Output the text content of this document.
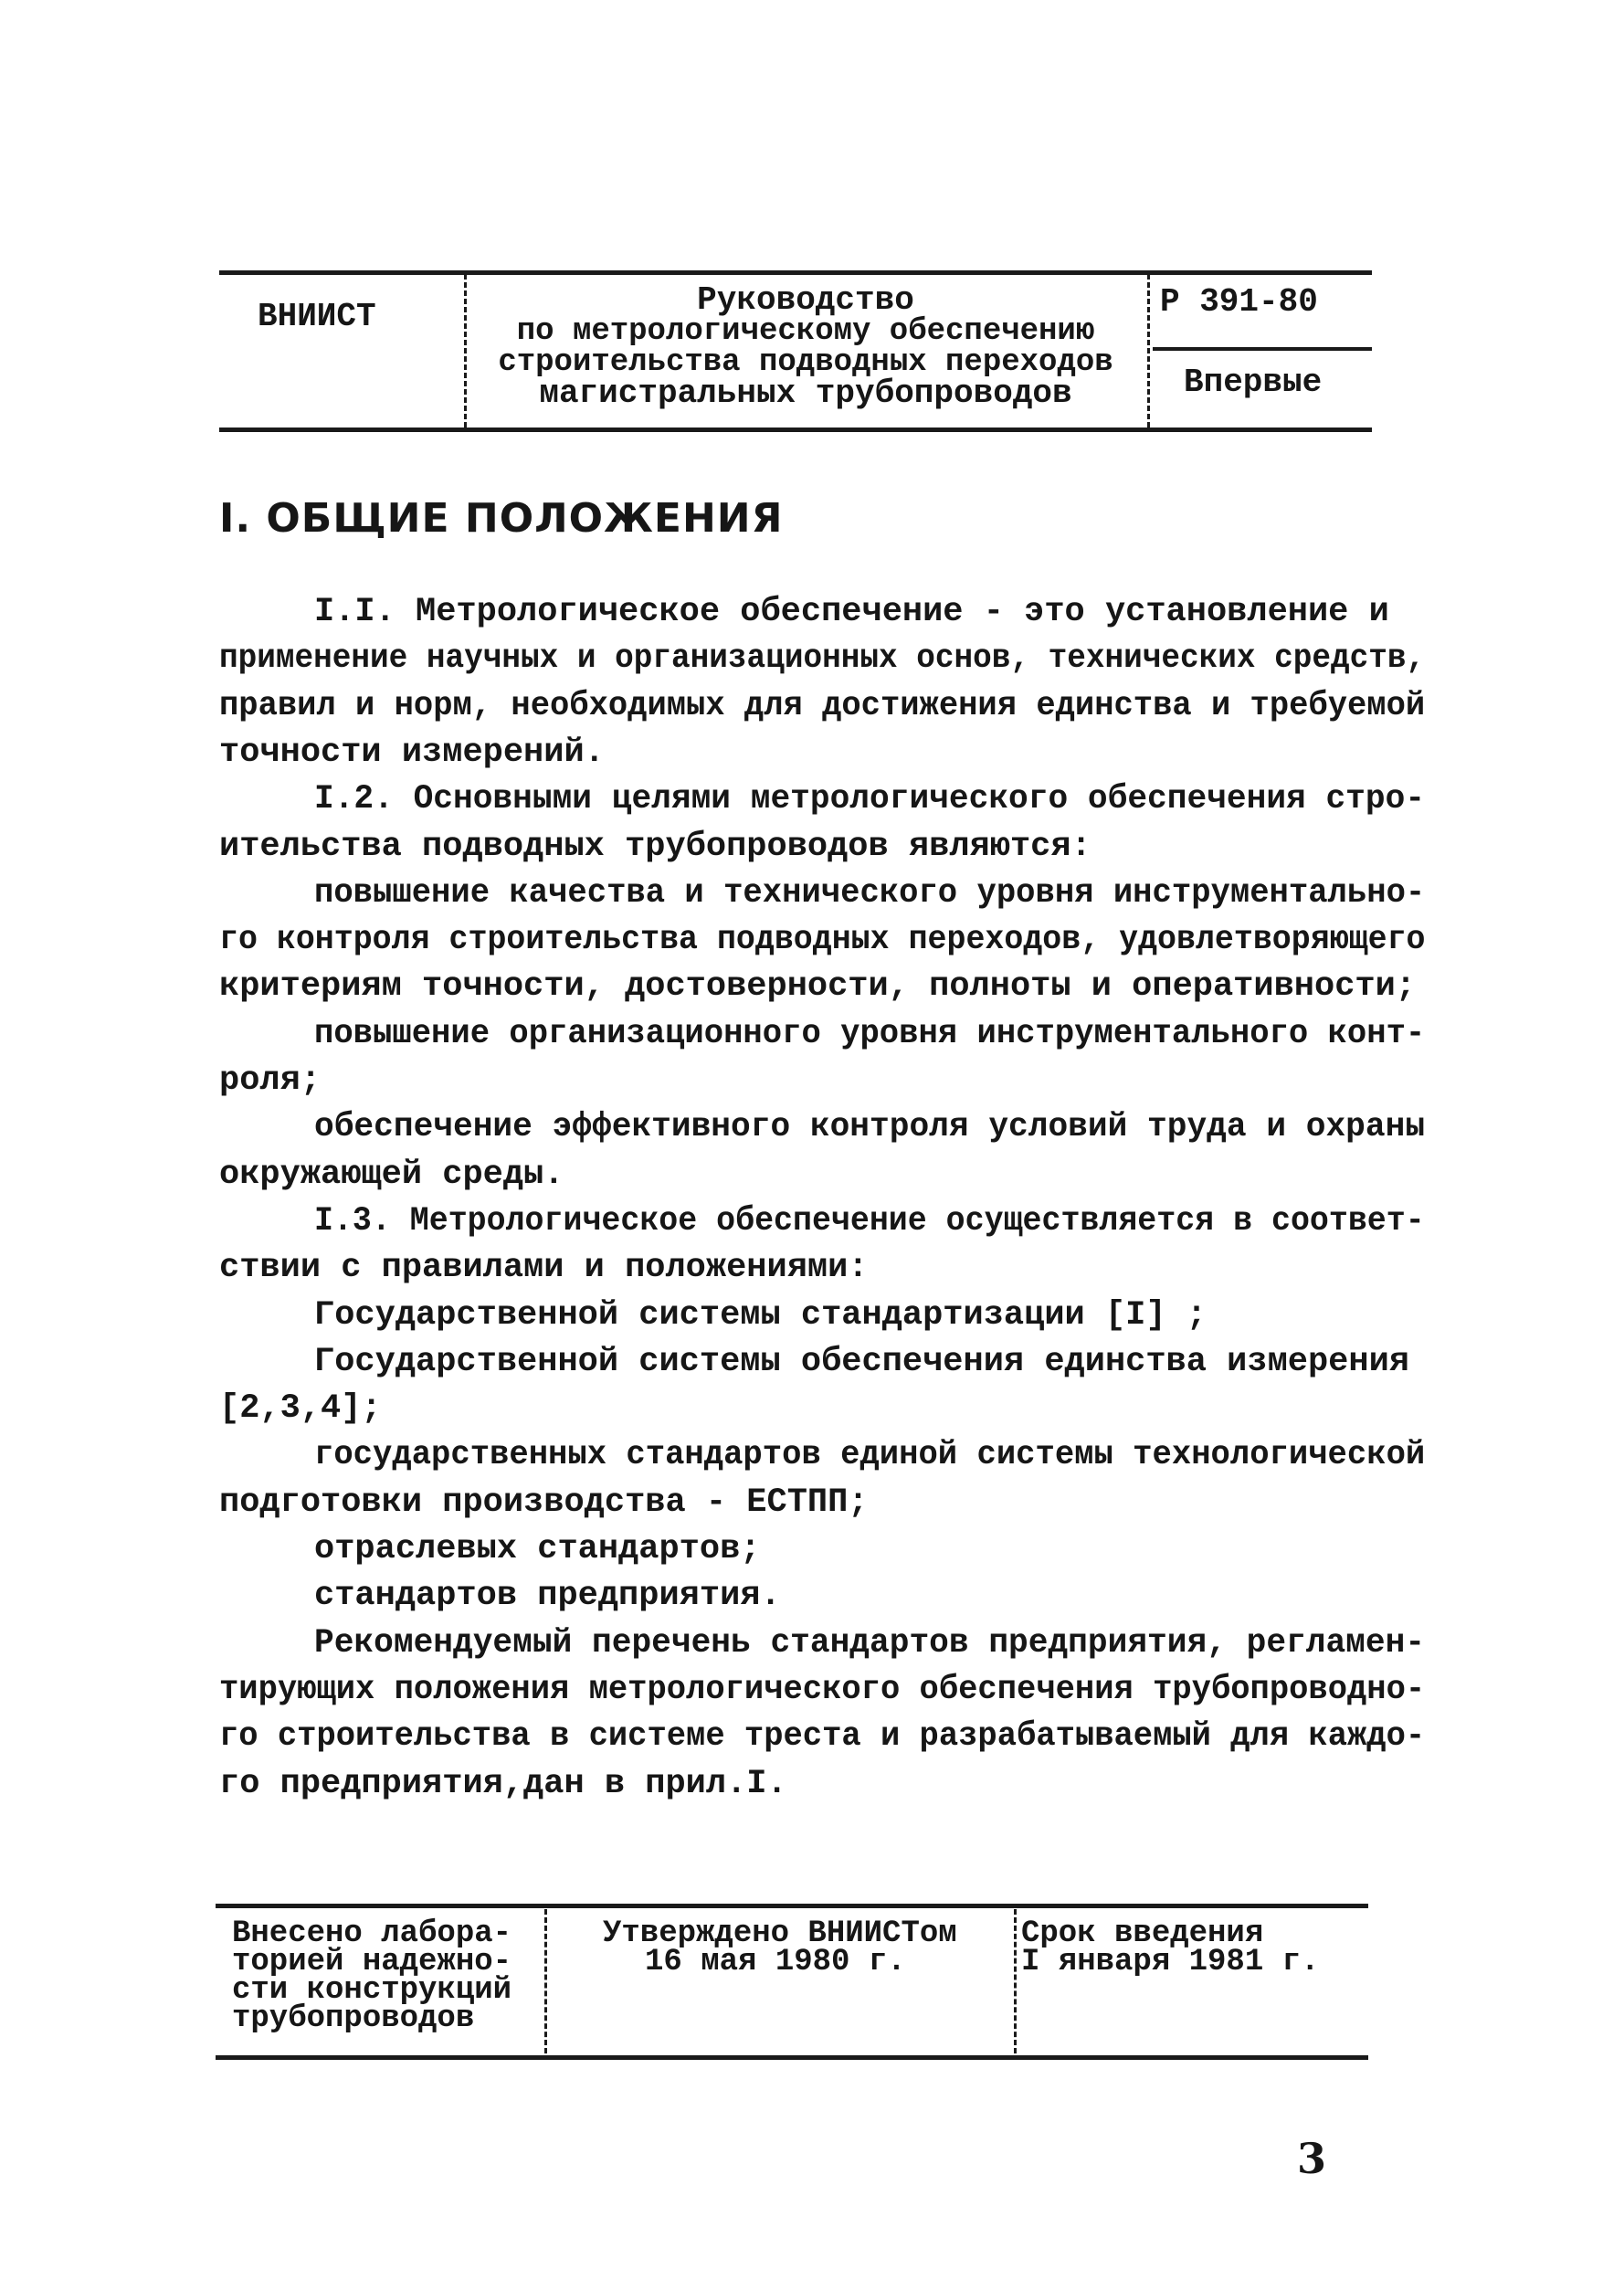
ВНИИСТ	Руководство
по метрологическому обеспечению
строительства подводных переходов
магистральных трубопроводов
Р 391-80
Впервые
I. ОБЩИЕ ПОЛОЖЕНИЯ
I.I. Метрологическое обеспечение - это установление и
применение научных и организационных основ, технических средств,
правил и норм, необходимых для достижения единства и требуемой
точности измерений.
I.2. Основными целями метрологического обеспечения стро-
ительства подводных трубопроводов являются:
повышение качества и технического уровня инструментально-
го контроля строительства подводных переходов, удовлетворяющего
критериям точности, достоверности, полноты и оперативности;
повышение организационного уровня инструментального конт-
роля;
обеспечение эффективного контроля условий труда и охраны
окружающей среды.
I.3. Метрологическое обеспечение осуществляется в соответ-
ствии с правилами и положениями:
Государственной системы стандартизации [I] ;
Государственной системы обеспечения единства измерения
[2,3,4];
государственных стандартов единой системы технологической
подготовки производства - ЕСТПП;
отраслевых стандартов;
стандартов предприятия.
Рекомендуемый перечень стандартов предприятия, регламен-
тирующих положения метрологического обеспечения трубопроводно-
го строительства в системе треста и разрабатываемый для каждо-
го предприятия,дан в прил.I.
Внесено лабора-
торией надежно-
сти конструкций
трубопроводов
Утверждено ВНИИСТом
16 мая 1980 г.
Срок введения
I января 1981 г.
3
